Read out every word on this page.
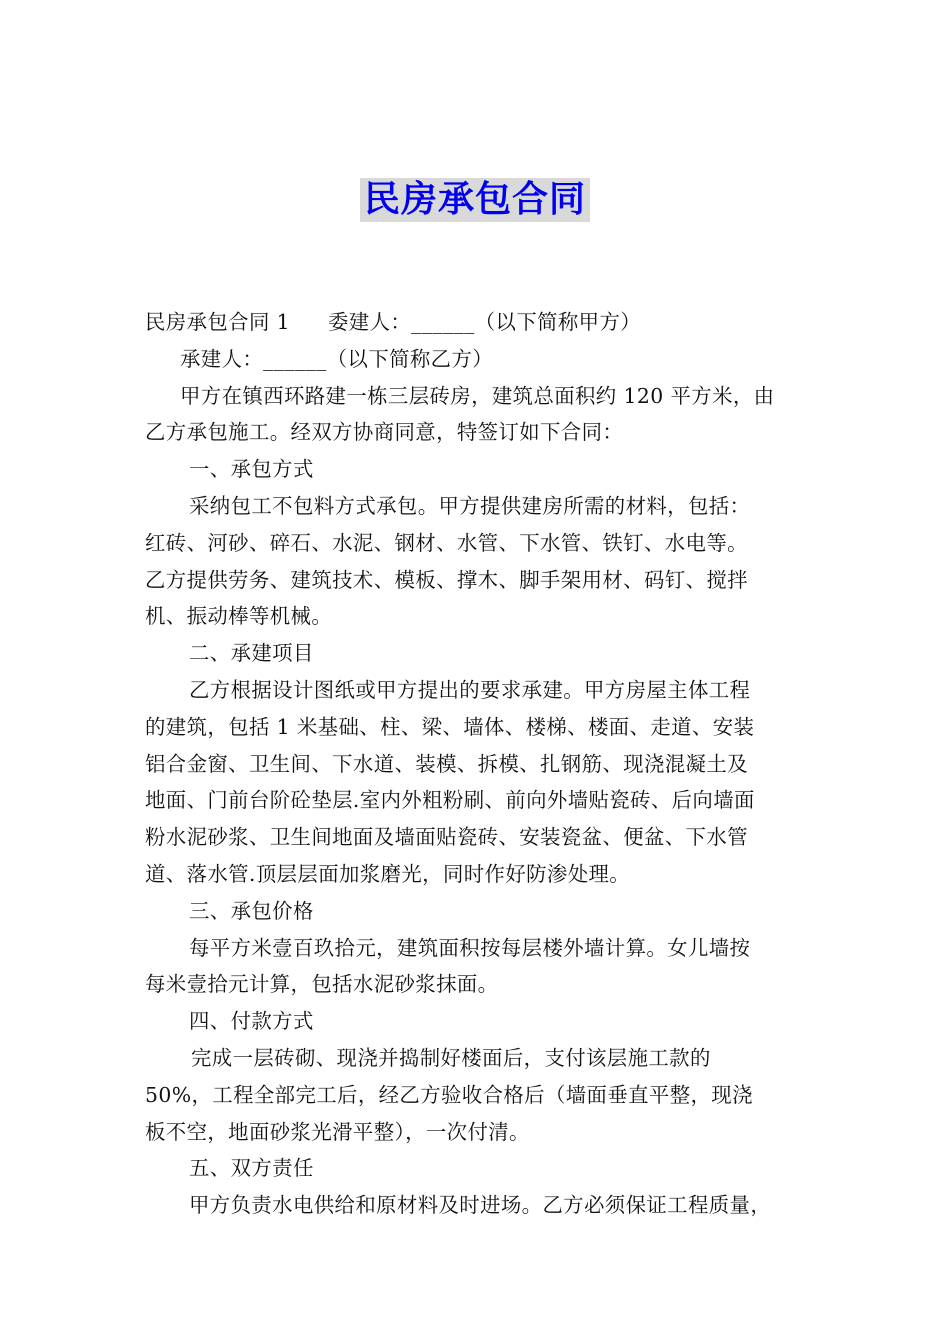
民房承包合同
民房承包合同 1 委建人：______（以下简称甲方）
承建人：______（以下简称乙方）
甲方在镇西环路建一栋三层砖房，建筑总面积约 120 平方米，由
乙方承包施工。经双方协商同意，特签订如下合同：
一、承包方式
采纳包工不包料方式承包。甲方提供建房所需的材料，包括：
红砖、河砂、碎石、水泥、钢材、水管、下水管、铁钉、水电等。
乙方提供劳务、建筑技术、模板、撑木、脚手架用材、码钉、搅拌
机、振动棒等机械。
二、承建项目
乙方根据设计图纸或甲方提出的要求承建。甲方房屋主体工程
的建筑，包括 1 米基础、柱、梁、墙体、楼梯、楼面、走道、安装
铝合金窗、卫生间、下水道、装模、拆模、扎钢筋、现浇混凝土及
地面、门前台阶砼垫层.室内外粗粉刷、前向外墙贴瓷砖、后向墙面
粉水泥砂浆、卫生间地面及墙面贴瓷砖、安装瓷盆、便盆、下水管
道、落水管.顶层层面加浆磨光，同时作好防渗处理。
三、承包价格
每平方米壹百玖拾元，建筑面积按每层楼外墙计算。女儿墙按
每米壹拾元计算，包括水泥砂浆抹面。
四、付款方式
完成一层砖砌、现浇并捣制好楼面后，支付该层施工款的
50%，工程全部完工后，经乙方验收合格后（墙面垂直平整，现浇
板不空，地面砂浆光滑平整），一次付清。
五、双方责任
甲方负责水电供给和原材料及时进场。乙方必须保证工程质量，
